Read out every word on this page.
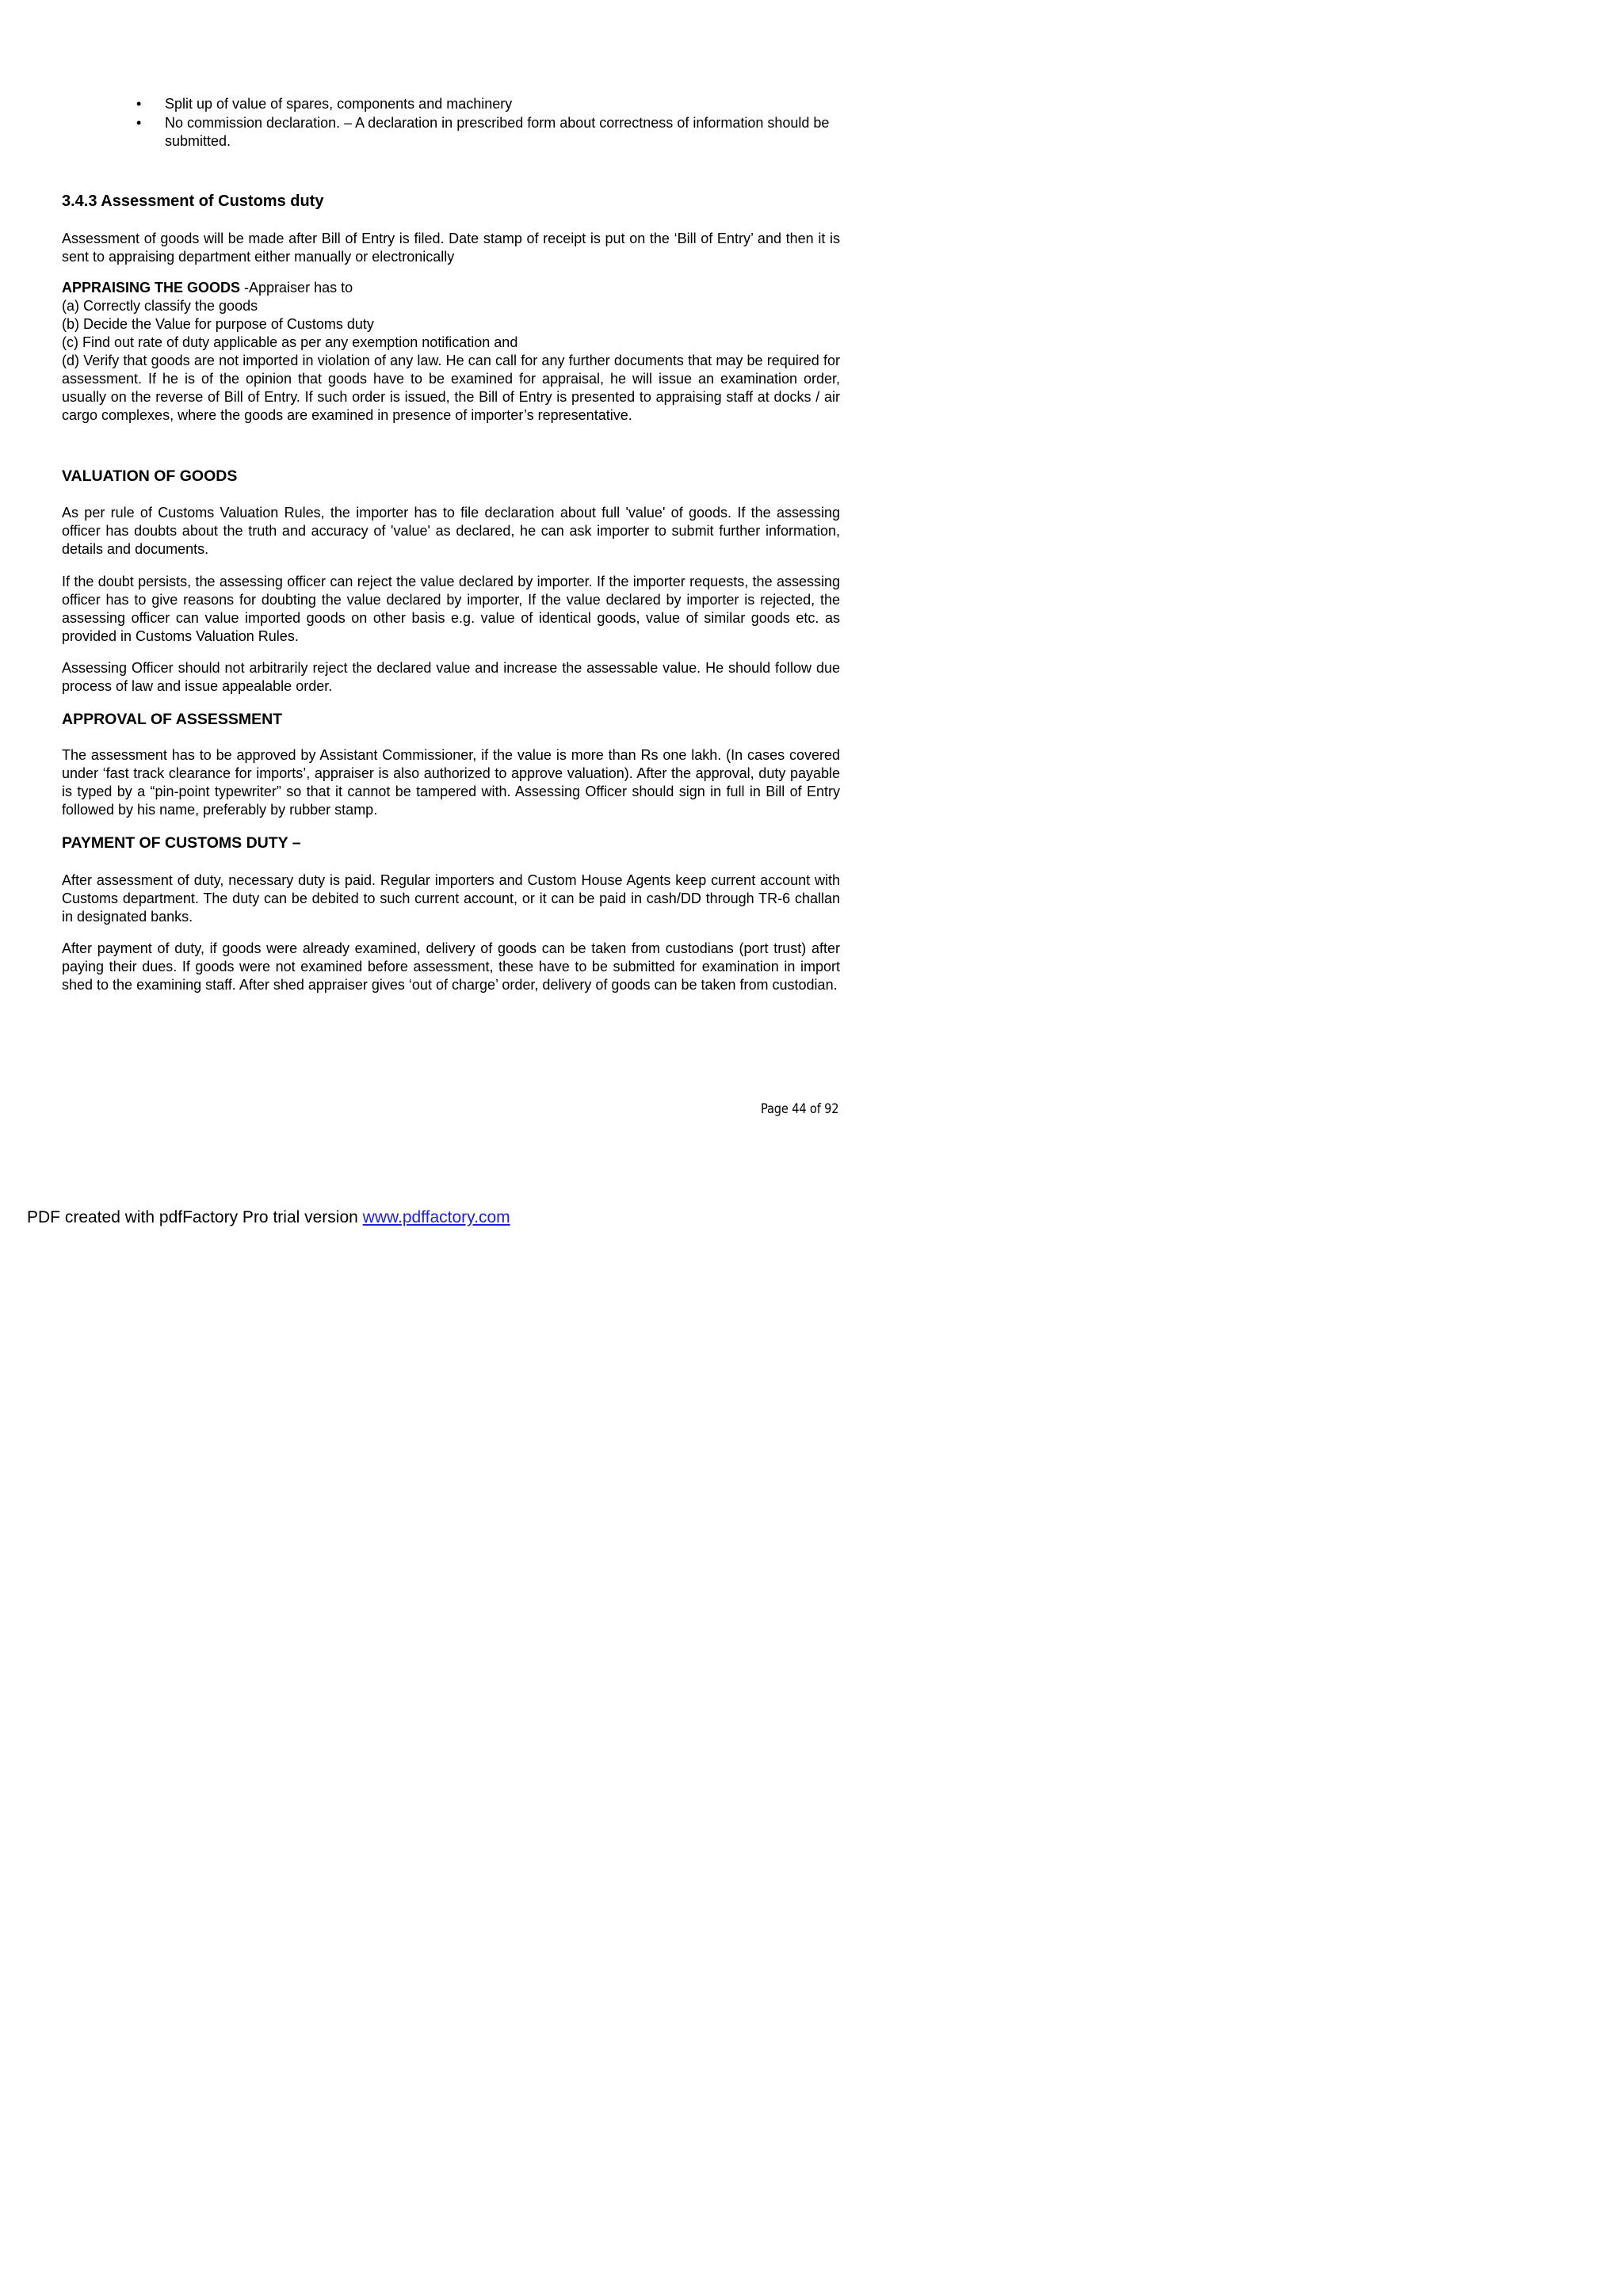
• Split up of value of spares, components and machinery
• No commission declaration. – A declaration in prescribed form about correctness of information should be submitted.
3.4.3 Assessment of Customs duty
Assessment of goods will be made after Bill of Entry is filed. Date stamp of receipt is put on the ‘Bill of Entry’ and then it is sent to appraising department either manually or electronically
APPRAISING THE GOODS -Appraiser has to
(a) Correctly classify the goods
(b) Decide the Value for purpose of Customs duty
(c) Find out rate of duty applicable as per any exemption notification and
(d) Verify that goods are not imported in violation of any law. He can call for any further documents that may be required for assessment. If he is of the opinion that goods have to be examined for appraisal, he will issue an examination order, usually on the reverse of Bill of Entry. If such order is issued, the Bill of Entry is presented to appraising staff at docks / air cargo complexes, where the goods are examined in presence of importer’s representative.
VALUATION OF GOODS
As per rule of Customs Valuation Rules, the importer has to file declaration about full 'value' of goods. If the assessing officer has doubts about the truth and accuracy of 'value' as declared, he can ask importer to submit further information, details and documents.
If the doubt persists, the assessing officer can reject the value declared by importer. If the importer requests, the assessing officer has to give reasons for doubting the value declared by importer, If the value declared by importer is rejected, the assessing officer can value imported goods on other basis e.g. value of identical goods, value of similar goods etc. as provided in Customs Valuation Rules.
Assessing Officer should not arbitrarily reject the declared value and increase the assessable value. He should follow due process of law and issue appealable order.
APPROVAL OF ASSESSMENT
The assessment has to be approved by Assistant Commissioner, if the value is more than Rs one lakh. (In cases covered under ‘fast track clearance for imports’, appraiser is also authorized to approve valuation). After the approval, duty payable is typed by a “pin-point typewriter” so that it cannot be tampered with. Assessing Officer should sign in full in Bill of Entry followed by his name, preferably by rubber stamp.
PAYMENT OF CUSTOMS DUTY –
After assessment of duty, necessary duty is paid. Regular importers and Custom House Agents keep current account with Customs department. The duty can be debited to such current account, or it can be paid in cash/DD through TR-6 challan in designated banks.
After payment of duty, if goods were already examined, delivery of goods can be taken from custodians (port trust) after paying their dues. If goods were not examined before assessment, these have to be submitted for examination in import shed to the examining staff. After shed appraiser gives ‘out of charge’ order, delivery of goods can be taken from custodian.
Page 44 of 92
PDF created with pdfFactory Pro trial version www.pdffactory.com
